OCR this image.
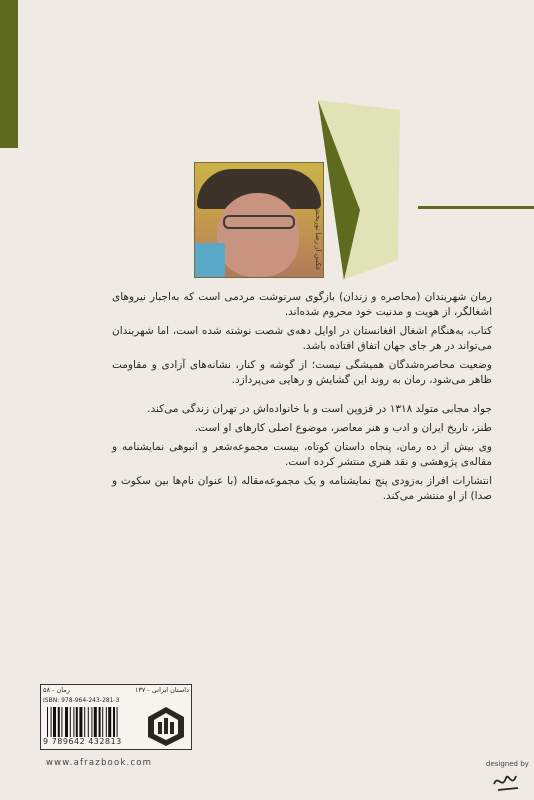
عکس از رضا نوربخش

رمان شهربندان (محاصره و زندان) بازگوی سرنوشت مردمی است که به‌اجبار نیروهای اشغالگر، از هویت و مدنیت خود محروم شده‌اند.

کتاب، به‌هنگام اشغال افغانستان در اوایل دهه‌ی شصت نوشته شده است، اما شهربندان می‌تواند در هر جای جهان اتفاق افتاده باشد.

وضعیت محاصره‌شدگان همیشگی نیست؛ از گوشه و کنار، نشانه‌های آزادی و مقاومت ظاهر می‌شود، رمان به روند این گشایش و رهایی می‌پردازد.

جواد مجابی متولد ۱۳۱۸ در قزوین است و با خانواده‌اش در تهران زندگی می‌کند.

طنز، تاریخ ایران و ادب و هنر معاصر، موضوع اصلی کارهای او است.

وی بیش از ده رمان، پنجاه داستان کوتاه، بیست مجموعه‌شعر و انبوهی نمایشنامه و مقاله‌ی پژوهشی و نقد هنری منتشر کرده است.

انتشارات افراز به‌زودی پنج نمایشنامه و یک مجموعه‌مقاله (با عنوان نام‌ها بین سکوت و صدا) از او منتشر می‌کند.

داستان ایرانی - ۱۳۷
رمان - ۵۸
ISBN: 978-964-243-281-3
9 789642 432813
www.afrazbook.com	designed by
